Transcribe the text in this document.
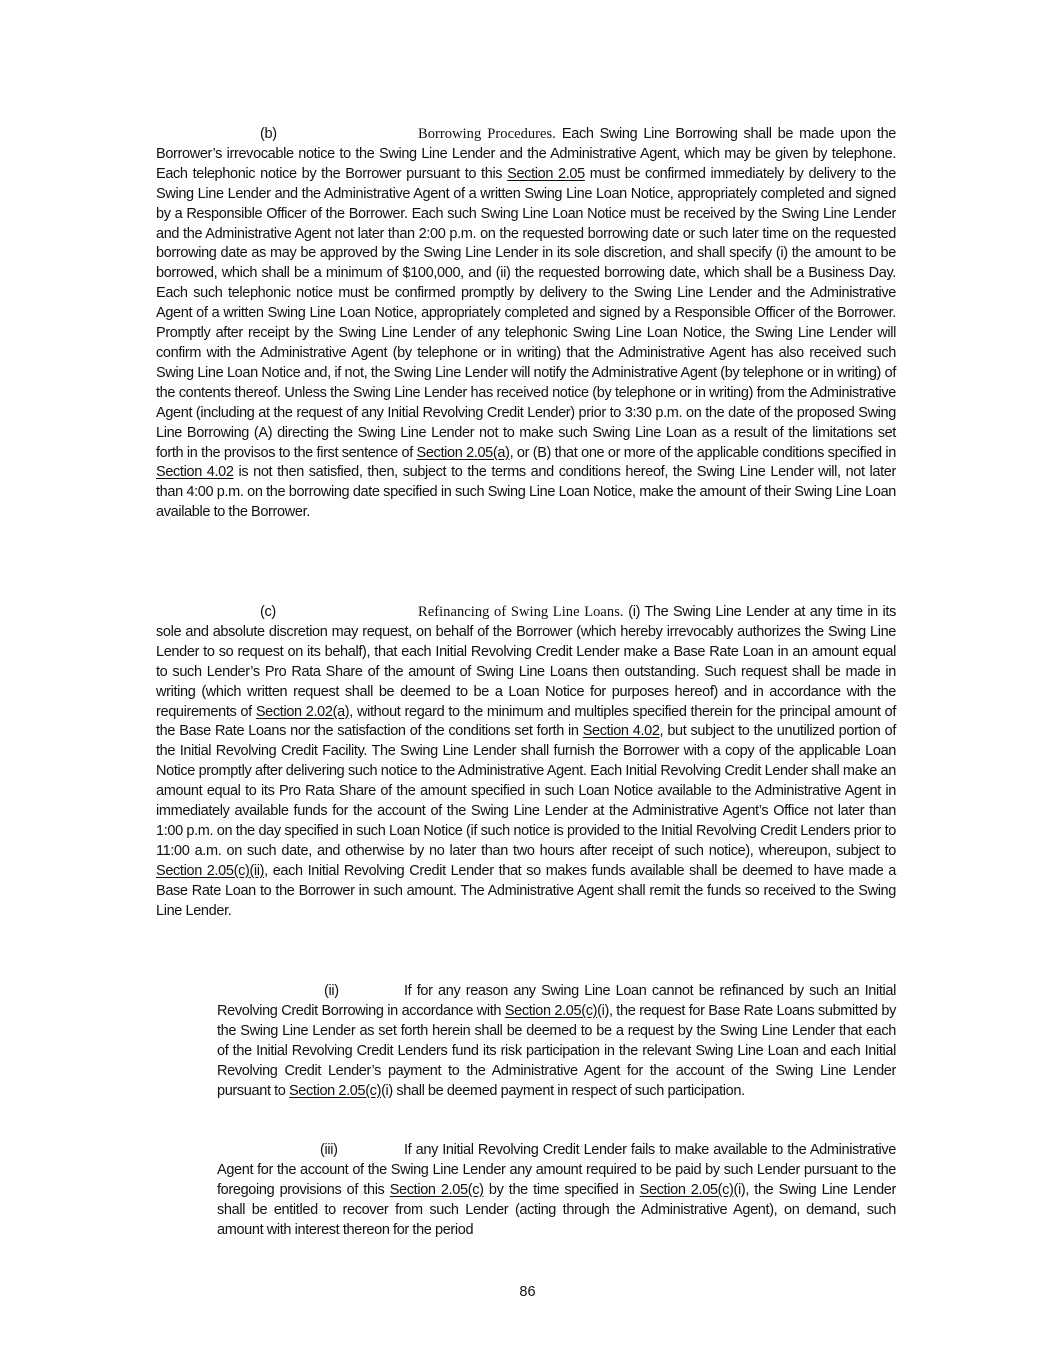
(b)	Borrowing Procedures. Each Swing Line Borrowing shall be made upon the Borrower’s irrevocable notice to the Swing Line Lender and the Administrative Agent, which may be given by telephone. Each telephonic notice by the Borrower pursuant to this Section 2.05 must be confirmed immediately by delivery to the Swing Line Lender and the Administrative Agent of a written Swing Line Loan Notice, appropriately completed and signed by a Responsible Officer of the Borrower. Each such Swing Line Loan Notice must be received by the Swing Line Lender and the Administrative Agent not later than 2:00 p.m. on the requested borrowing date or such later time on the requested borrowing date as may be approved by the Swing Line Lender in its sole discretion, and shall specify (i) the amount to be borrowed, which shall be a minimum of $100,000, and (ii) the requested borrowing date, which shall be a Business Day. Each such telephonic notice must be confirmed promptly by delivery to the Swing Line Lender and the Administrative Agent of a written Swing Line Loan Notice, appropriately completed and signed by a Responsible Officer of the Borrower. Promptly after receipt by the Swing Line Lender of any telephonic Swing Line Loan Notice, the Swing Line Lender will confirm with the Administrative Agent (by telephone or in writing) that the Administrative Agent has also received such Swing Line Loan Notice and, if not, the Swing Line Lender will notify the Administrative Agent (by telephone or in writing) of the contents thereof. Unless the Swing Line Lender has received notice (by telephone or in writing) from the Administrative Agent (including at the request of any Initial Revolving Credit Lender) prior to 3:30 p.m. on the date of the proposed Swing Line Borrowing (A) directing the Swing Line Lender not to make such Swing Line Loan as a result of the limitations set forth in the provisos to the first sentence of Section 2.05(a), or (B) that one or more of the applicable conditions specified in Section 4.02 is not then satisfied, then, subject to the terms and conditions hereof, the Swing Line Lender will, not later than 4:00 p.m. on the borrowing date specified in such Swing Line Loan Notice, make the amount of their Swing Line Loan available to the Borrower.
(c)	Refinancing of Swing Line Loans. (i) The Swing Line Lender at any time in its sole and absolute discretion may request, on behalf of the Borrower (which hereby irrevocably authorizes the Swing Line Lender to so request on its behalf), that each Initial Revolving Credit Lender make a Base Rate Loan in an amount equal to such Lender’s Pro Rata Share of the amount of Swing Line Loans then outstanding. Such request shall be made in writing (which written request shall be deemed to be a Loan Notice for purposes hereof) and in accordance with the requirements of Section 2.02(a), without regard to the minimum and multiples specified therein for the principal amount of the Base Rate Loans nor the satisfaction of the conditions set forth in Section 4.02, but subject to the unutilized portion of the Initial Revolving Credit Facility. The Swing Line Lender shall furnish the Borrower with a copy of the applicable Loan Notice promptly after delivering such notice to the Administrative Agent. Each Initial Revolving Credit Lender shall make an amount equal to its Pro Rata Share of the amount specified in such Loan Notice available to the Administrative Agent in immediately available funds for the account of the Swing Line Lender at the Administrative Agent’s Office not later than 1:00 p.m. on the day specified in such Loan Notice (if such notice is provided to the Initial Revolving Credit Lenders prior to 11:00 a.m. on such date, and otherwise by no later than two hours after receipt of such notice), whereupon, subject to Section 2.05(c)(ii), each Initial Revolving Credit Lender that so makes funds available shall be deemed to have made a Base Rate Loan to the Borrower in such amount. The Administrative Agent shall remit the funds so received to the Swing Line Lender.
(ii)	If for any reason any Swing Line Loan cannot be refinanced by such an Initial Revolving Credit Borrowing in accordance with Section 2.05(c)(i), the request for Base Rate Loans submitted by the Swing Line Lender as set forth herein shall be deemed to be a request by the Swing Line Lender that each of the Initial Revolving Credit Lenders fund its risk participation in the relevant Swing Line Loan and each Initial Revolving Credit Lender’s payment to the Administrative Agent for the account of the Swing Line Lender pursuant to Section 2.05(c)(i) shall be deemed payment in respect of such participation.
(iii)	If any Initial Revolving Credit Lender fails to make available to the Administrative Agent for the account of the Swing Line Lender any amount required to be paid by such Lender pursuant to the foregoing provisions of this Section 2.05(c) by the time specified in Section 2.05(c)(i), the Swing Line Lender shall be entitled to recover from such Lender (acting through the Administrative Agent), on demand, such amount with interest thereon for the period
86
